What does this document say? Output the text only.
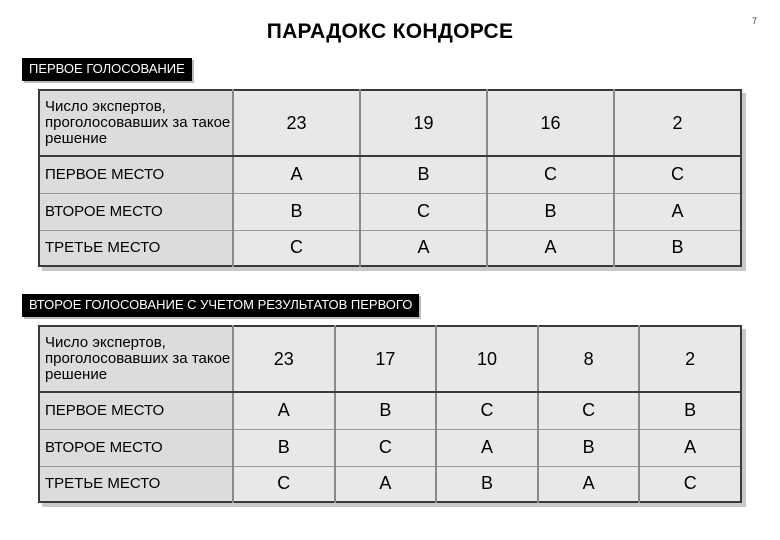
ПАРАДОКС КОНДОРСЕ	7
ПЕРВОЕ ГОЛОСОВАНИЕ
Число экспертов, проголосовавших за такое решение	23	19	16	2
ПЕРВОЕ МЕСТО	A	B	C	C
ВТОРОЕ МЕСТО	B	C	B	A
ТРЕТЬЕ МЕСТО	C	A	A	B
ВТОРОЕ ГОЛОСОВАНИЕ С УЧЕТОМ РЕЗУЛЬТАТОВ ПЕРВОГО
Число экспертов, проголосовавших за такое решение	23	17	10	8	2
ПЕРВОЕ МЕСТО	A	B	C	C	B
ВТОРОЕ МЕСТО	B	C	A	B	A
ТРЕТЬЕ МЕСТО	C	A	B	A	C
